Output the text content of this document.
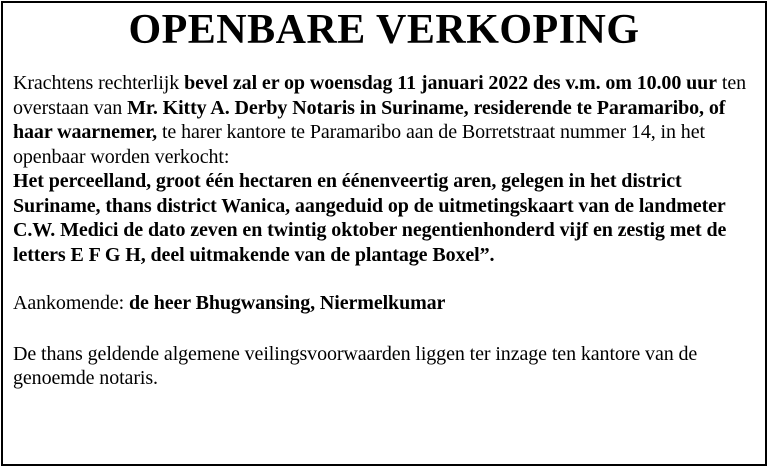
OPENBARE VERKOPING

Krachtens rechterlijk bevel zal er op woensdag 11 januari 2022 des v.m. om 10.00 uur ten overstaan van Mr. Kitty A. Derby Notaris in Suriname, residerende te Paramaribo, of haar waarnemer, te harer kantore te Paramaribo aan de Borretstraat nummer 14, in het openbaar worden verkocht:
Het perceelland, groot één hectaren en éénenveertig aren, gelegen in het district Suriname, thans district Wanica, aangeduid op de uitmetingskaart van de landmeter C.W. Medici de dato zeven en twintig oktober negentienhonderd vijf en zestig met de letters E F G H, deel uitmakende van de plantage Boxel”.

Aankomende: de heer Bhugwansing, Niermelkumar

De thans geldende algemene veilingsvoorwaarden liggen ter inzage ten kantore van de genoemde notaris.
